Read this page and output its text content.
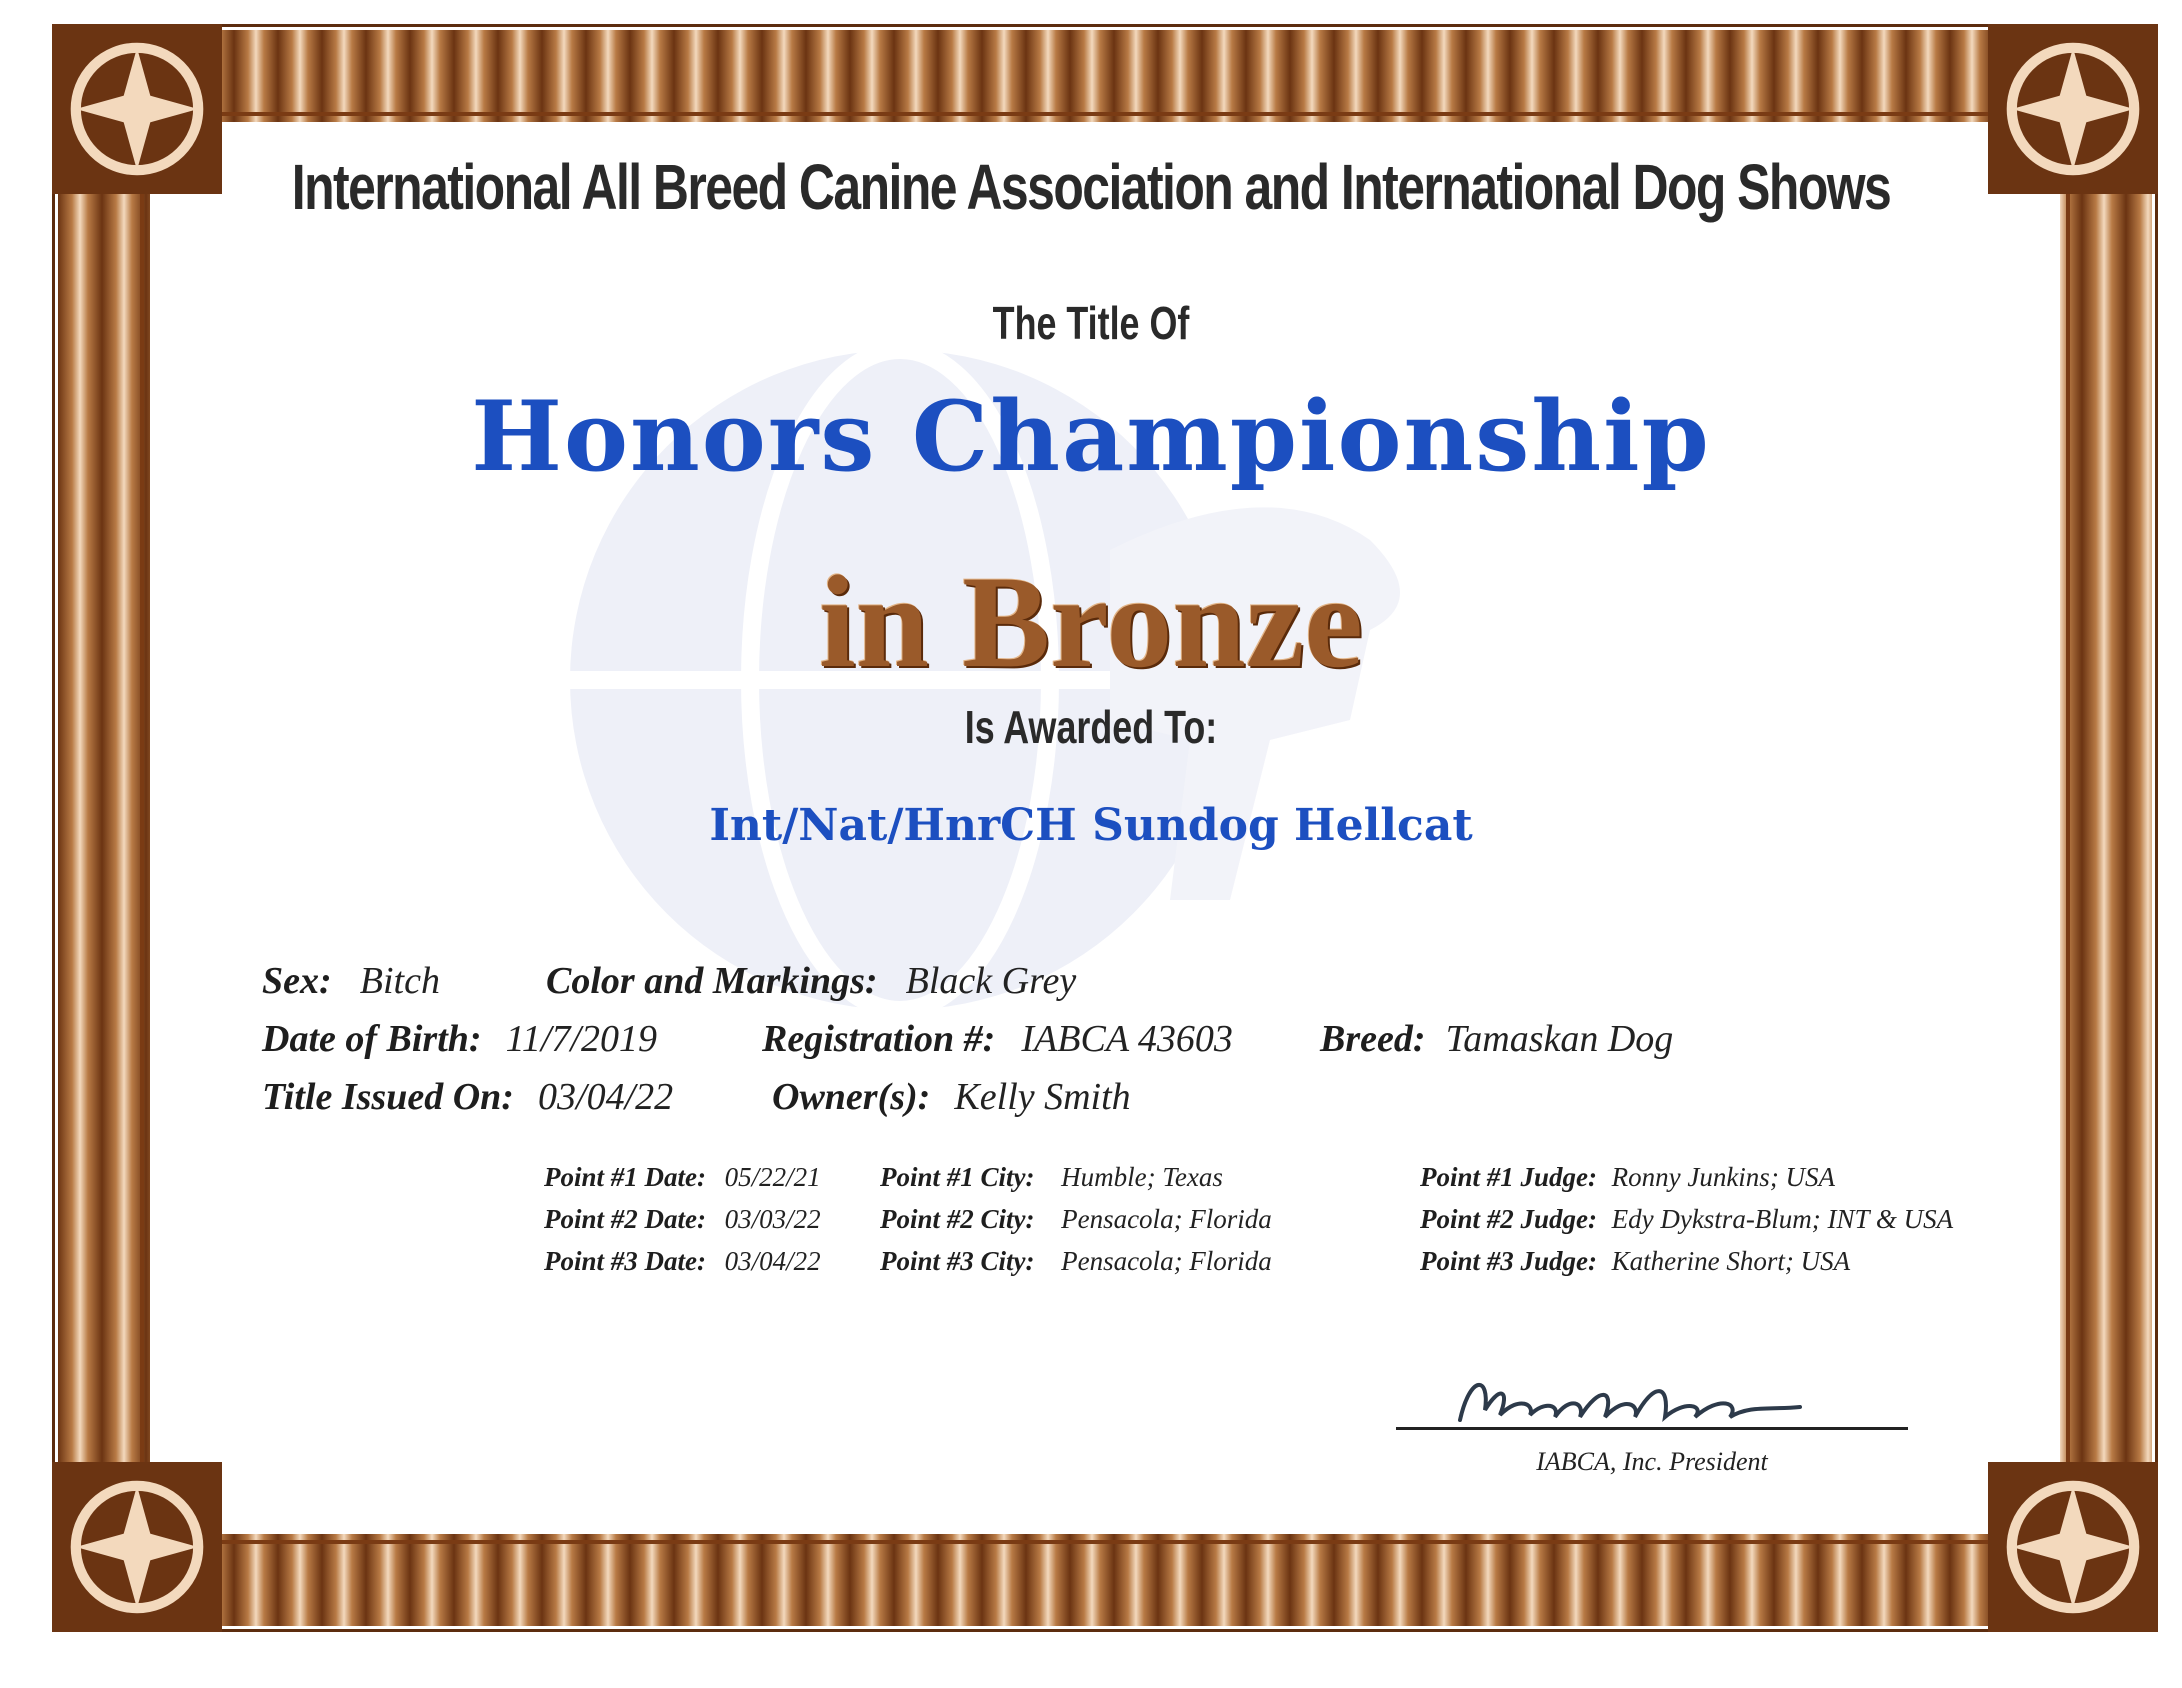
International All Breed Canine Association and International Dog Shows
The Title Of
Honors Championship
in Bronze
Is Awarded To:
Int/Nat/HnrCH Sundog Hellcat
Sex: Bitch	Color and Markings: Black Grey
Date of Birth: 11/7/2019	Registration #: IABCA 43603 Breed: Tamaskan Dog
Title Issued On: 03/04/22	Owner(s): Kelly Smith
Point #1 Date: 05/22/21 Point #1 City: Humble; Texas	Point #1 Judge: Ronny Junkins; USA
Point #2 Date: 03/03/22 Point #2 City: Pensacola; Florida	Point #2 Judge: Edy Dykstra-Blum; INT & USA
Point #3 Date: 03/04/22 Point #3 City: Pensacola; Florida	Point #3 Judge: Katherine Short; USA
IABCA, Inc. President
